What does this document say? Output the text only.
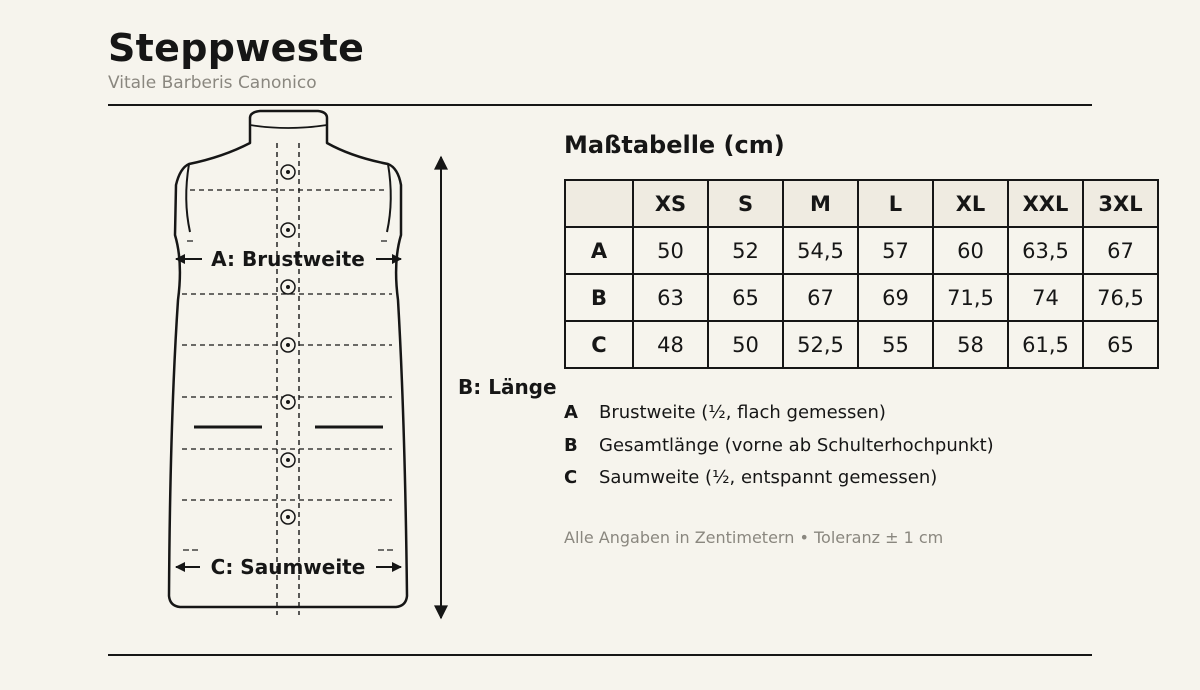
Steppweste
Vitale Barberis Canonico
A: Brustweite
C: Saumweite
B: Länge
Maßtabelle (cm)
	XS	S	M	L	XL	XXL	3XL
A	50	52	54,5	57	60	63,5	67
B	63	65	67	69	71,5	74	76,5
C	48	50	52,5	55	58	61,5	65
A Brustweite (½, flach gemessen)
B Gesamtlänge (vorne ab Schulterhochpunkt)
C Saumweite (½, entspannt gemessen)
Alle Angaben in Zentimetern • Toleranz ± 1 cm
